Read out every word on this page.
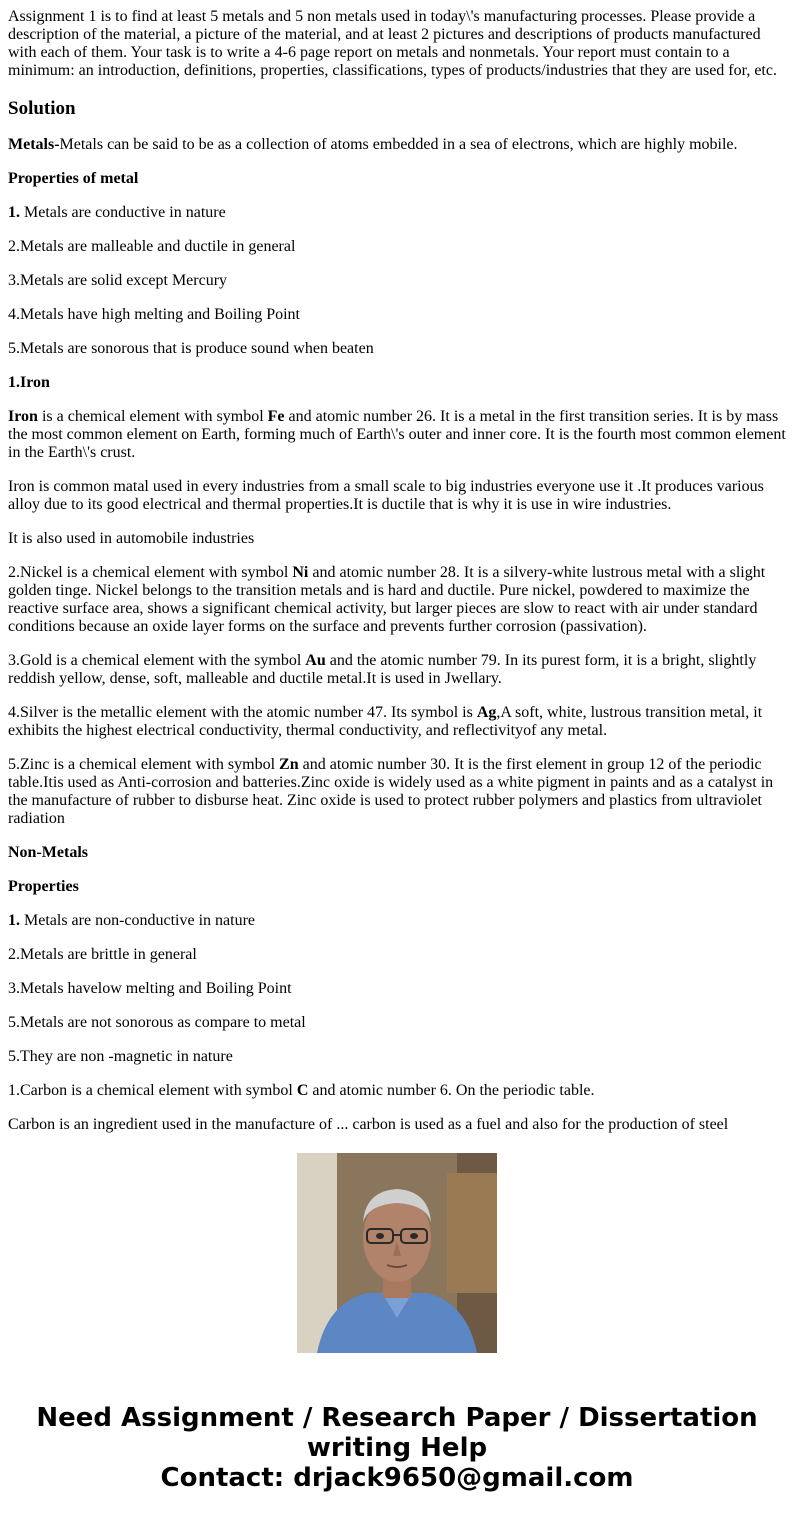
Assignment 1 is to find at least 5 metals and 5 non metals used in today\'s manufacturing processes. Please provide a description of the material, a picture of the material, and at least 2 pictures and descriptions of products manufactured with each of them. Your task is to write a 4-6 page report on metals and nonmetals. Your report must contain to a minimum: an introduction, definitions, properties, classifications, types of products/industries that they are used for, etc.

Solution

Metals-Metals can be said to be as a collection of atoms embedded in a sea of electrons, which are highly mobile.

Properties of metal

1. Metals are conductive in nature

2.Metals are malleable and ductile in general

3.Metals are solid except Mercury

4.Metals have high melting and Boiling Point

5.Metals are sonorous that is produce sound when beaten

1.Iron

Iron is a chemical element with symbol Fe and atomic number 26. It is a metal in the first transition series. It is by mass the most common element on Earth, forming much of Earth\'s outer and inner core. It is the fourth most common element in the Earth\'s crust.

Iron is common matal used in every industries from a small scale to big industries everyone use it .It produces various alloy due to its good electrical and thermal properties.It is ductile that is why it is use in wire industries.

It is also used in automobile industries

2.Nickel is a chemical element with symbol Ni and atomic number 28. It is a silvery-white lustrous metal with a slight golden tinge. Nickel belongs to the transition metals and is hard and ductile. Pure nickel, powdered to maximize the reactive surface area, shows a significant chemical activity, but larger pieces are slow to react with air under standard conditions because an oxide layer forms on the surface and prevents further corrosion (passivation).

3.Gold is a chemical element with the symbol Au and the atomic number 79. In its purest form, it is a bright, slightly reddish yellow, dense, soft, malleable and ductile metal.It is used in Jwellary.

4.Silver is the metallic element with the atomic number 47. Its symbol is Ag,A soft, white, lustrous transition metal, it exhibits the highest electrical conductivity, thermal conductivity, and reflectivityof any metal.

5.Zinc is a chemical element with symbol Zn and atomic number 30. It is the first element in group 12 of the periodic table.Itis used as Anti-corrosion and batteries.Zinc oxide is widely used as a white pigment in paints and as a catalyst in the manufacture of rubber to disburse heat. Zinc oxide is used to protect rubber polymers and plastics from ultraviolet radiation

Non-Metals

Properties

1. Metals are non-conductive in nature

2.Metals are brittle in general

3.Metals havelow melting and Boiling Point

5.Metals are not sonorous as compare to metal

5.They are non -magnetic in nature

1.Carbon is a chemical element with symbol C and atomic number 6. On the periodic table.

Carbon is an ingredient used in the manufacture of ... carbon is used as a fuel and also for the production of steel

Need Assignment / Research Paper / Dissertation
writing Help
Contact: drjack9650@gmail.com
